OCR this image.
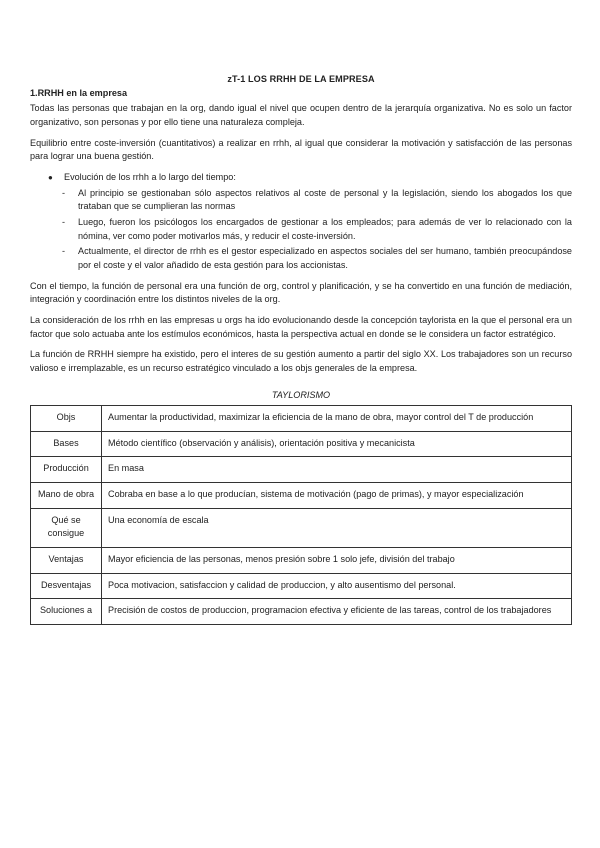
zT-1 LOS RRHH DE LA EMPRESA
1.RRHH en la empresa

Todas las personas que trabajan en la org, dando igual el nivel que ocupen dentro de la jerarquía organizativa. No es solo un factor organizativo, son personas y por ello tiene una naturaleza compleja.

Equilibrio entre coste-inversión (cuantitativos) a realizar en rrhh, al igual que considerar la motivación y satisfacción de las personas para lograr una buena gestión.

●	Evolución de los rrhh a lo largo del tiempo:
-	Al principio se gestionaban sólo aspectos relativos al coste de personal y la legislación, siendo los abogados los que trataban que se cumplieran las normas
-	Luego, fueron los psicólogos los encargados de gestionar a los empleados; para además de ver lo relacionado con la nómina, ver como poder motivarlos más, y reducir el coste-inversión.
-	Actualmente, el director de rrhh es el gestor especializado en aspectos sociales del ser humano, también preocupándose por el coste y el valor añadido de esta gestión para los accionistas.

Con el tiempo, la función de personal era una función de org, control y planificación, y se ha convertido en una función de mediación, integración y coordinación entre los distintos niveles de la org.

La consideración de los rrhh en las empresas u orgs ha ido evolucionando desde la concepción taylorista en la que el personal era un factor que solo actuaba ante los estímulos económicos, hasta la perspectiva actual en donde se le considera un factor estratégico.

La función de RRHH siempre ha existido, pero el interes de su gestión aumento a partir del siglo XX. Los trabajadores son un recurso valioso e irremplazable, es un recurso estratégico vinculado a los objs generales de la empresa.

TAYLORISMO
Objs	Aumentar la productividad, maximizar la eficiencia de la mano de obra, mayor control del T de producción
Bases	Método científico (observación y análisis), orientación positiva y mecanicista
Producción	En masa
Mano de obra	Cobraba en base a lo que producían, sistema de motivación (pago de primas), y mayor especialización
Qué se consigue	Una economía de escala
Ventajas	Mayor eficiencia de las personas, menos presión sobre 1 solo jefe, división del trabajo
Desventajas	Poca motivacion, satisfaccion y calidad de produccion, y alto ausentismo del personal.
Soluciones a	Precisión de costos de produccion, programacion efectiva y eficiente de las tareas, control de los trabajadores
